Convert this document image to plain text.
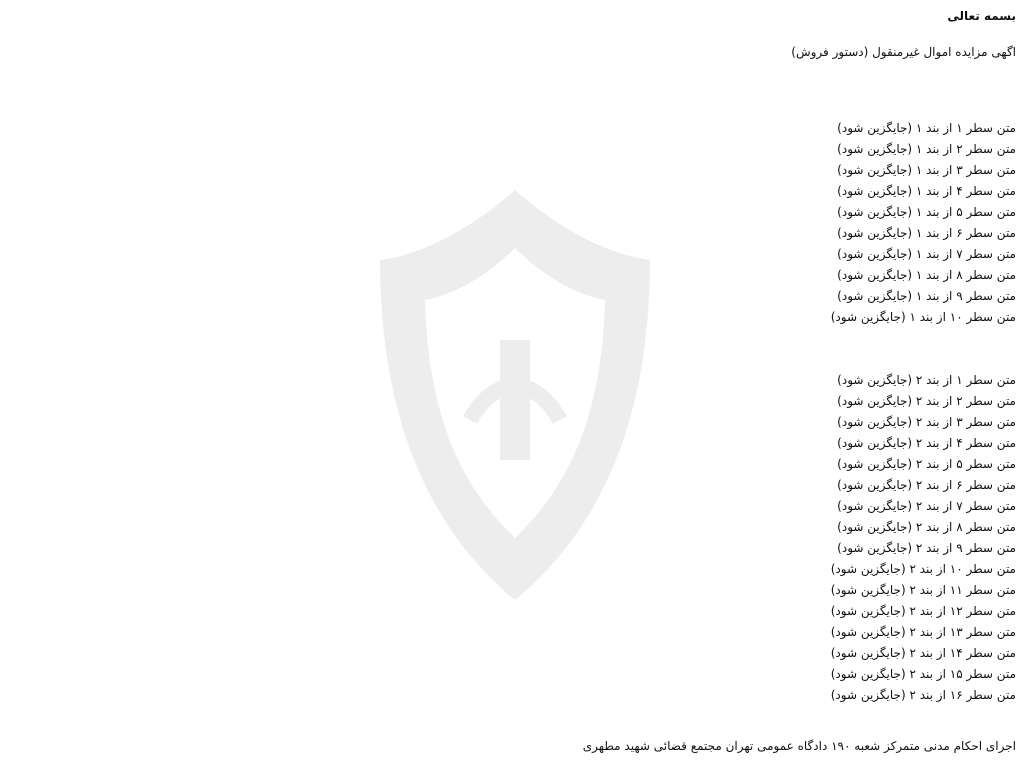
بسمه تعالی
اگهی مزایده اموال غیرمنقول (دستور فروش)
متن سطر ۱ از بند ۱ (جایگزین شود)
متن سطر ۲ از بند ۱ (جایگزین شود)
متن سطر ۳ از بند ۱ (جایگزین شود)
متن سطر ۴ از بند ۱ (جایگزین شود)
متن سطر ۵ از بند ۱ (جایگزین شود)
متن سطر ۶ از بند ۱ (جایگزین شود)
متن سطر ۷ از بند ۱ (جایگزین شود)
متن سطر ۸ از بند ۱ (جایگزین شود)
متن سطر ۹ از بند ۱ (جایگزین شود)
متن سطر ۱۰ از بند ۱ (جایگزین شود)
متن سطر ۱ از بند ۲ (جایگزین شود)
متن سطر ۲ از بند ۲ (جایگزین شود)
متن سطر ۳ از بند ۲ (جایگزین شود)
متن سطر ۴ از بند ۲ (جایگزین شود)
متن سطر ۵ از بند ۲ (جایگزین شود)
متن سطر ۶ از بند ۲ (جایگزین شود)
متن سطر ۷ از بند ۲ (جایگزین شود)
متن سطر ۸ از بند ۲ (جایگزین شود)
متن سطر ۹ از بند ۲ (جایگزین شود)
متن سطر ۱۰ از بند ۲ (جایگزین شود)
متن سطر ۱۱ از بند ۲ (جایگزین شود)
متن سطر ۱۲ از بند ۲ (جایگزین شود)
متن سطر ۱۳ از بند ۲ (جایگزین شود)
متن سطر ۱۴ از بند ۲ (جایگزین شود)
متن سطر ۱۵ از بند ۲ (جایگزین شود)
متن سطر ۱۶ از بند ۲ (جایگزین شود)
اجرای احکام مدنی متمرکز شعبه ۱۹۰ دادگاه عمومی تهران مجتمع قضائی شهید مطهری
